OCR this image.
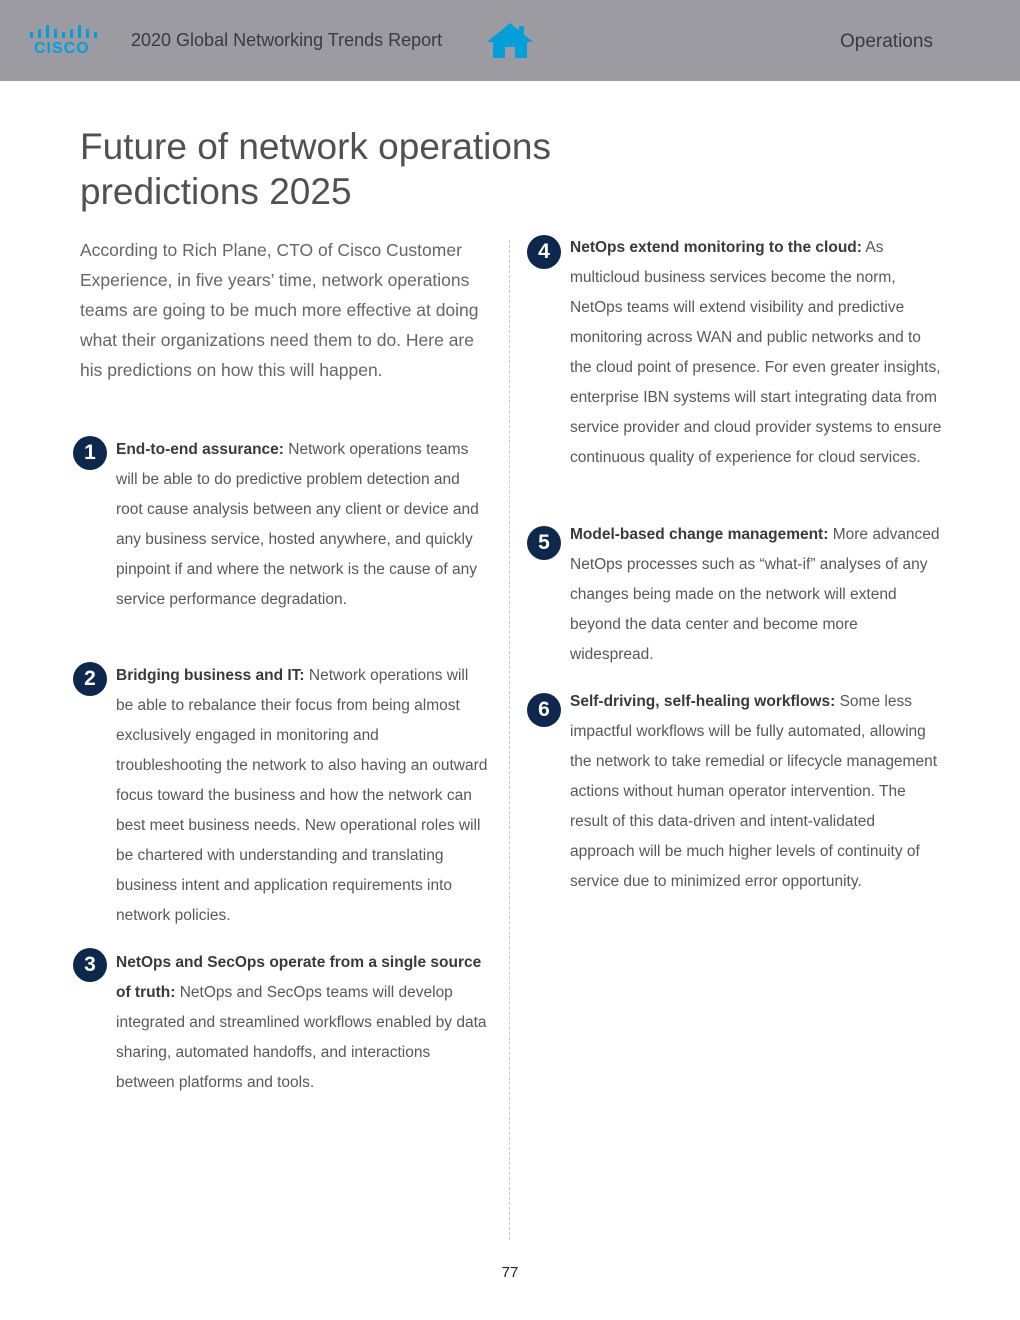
CISCO 2020 Global Networking Trends Report	Operations
Future of network operations
predictions 2025

According to Rich Plane, CTO of Cisco Customer Experience, in five years’ time, network operations teams are going to be much more effective at doing what their organizations need them to do. Here are his predictions on how this will happen.

1	End-to-end assurance: Network operations teams will be able to do predictive problem detection and root cause analysis between any client or device and any business service, hosted anywhere, and quickly pinpoint if and where the network is the cause of any service performance degradation.

2	Bridging business and IT: Network operations will be able to rebalance their focus from being almost exclusively engaged in monitoring and troubleshooting the network to also having an outward focus toward the business and how the network can best meet business needs. New operational roles will be chartered with understanding and translating business intent and application requirements into network policies.

3	NetOps and SecOps operate from a single source of truth: NetOps and SecOps teams will develop integrated and streamlined workflows enabled by data sharing, automated handoffs, and interactions between platforms and tools.

4	NetOps extend monitoring to the cloud: As multicloud business services become the norm, NetOps teams will extend visibility and predictive monitoring across WAN and public networks and to the cloud point of presence. For even greater insights, enterprise IBN systems will start integrating data from service provider and cloud provider systems to ensure continuous quality of experience for cloud services.

5	Model-based change management: More advanced NetOps processes such as “what-if” analyses of any changes being made on the network will extend beyond the data center and become more widespread.

6	Self-driving, self-healing workflows: Some less impactful workflows will be fully automated, allowing the network to take remedial or lifecycle management actions without human operator intervention. The result of this data-driven and intent-validated approach will be much higher levels of continuity of service due to minimized error opportunity.

77
